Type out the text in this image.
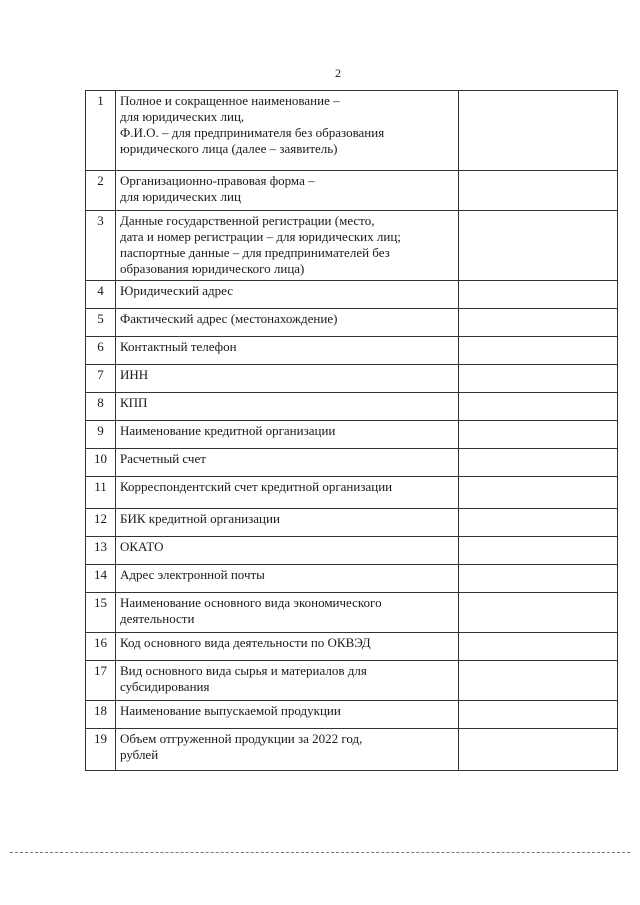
2
1	Полное и сокращенное наименование –
для юридических лиц,
Ф.И.О. – для предпринимателя без образования
юридического лица (далее – заявитель)	
2	Организационно-правовая форма –
для юридических лиц	
3	Данные государственной регистрации (место,
дата и номер регистрации – для юридических лиц;
паспортные данные – для предпринимателей без
образования юридического лица)	
4	Юридический адрес	
5	Фактический адрес (местонахождение)	
6	Контактный телефон	
7	ИНН	
8	КПП	
9	Наименование кредитной организации	
10	Расчетный счет	
11	Корреспондентский счет кредитной организации	
12	БИК кредитной организации	
13	ОКАТО	
14	Адрес электронной почты	
15	Наименование основного вида экономического
деятельности	
16	Код основного вида деятельности по ОКВЭД	
17	Вид основного вида сырья и материалов для
субсидирования	
18	Наименование выпускаемой продукции	
19	Объем отгруженной продукции за 2022 год,
рублей	
